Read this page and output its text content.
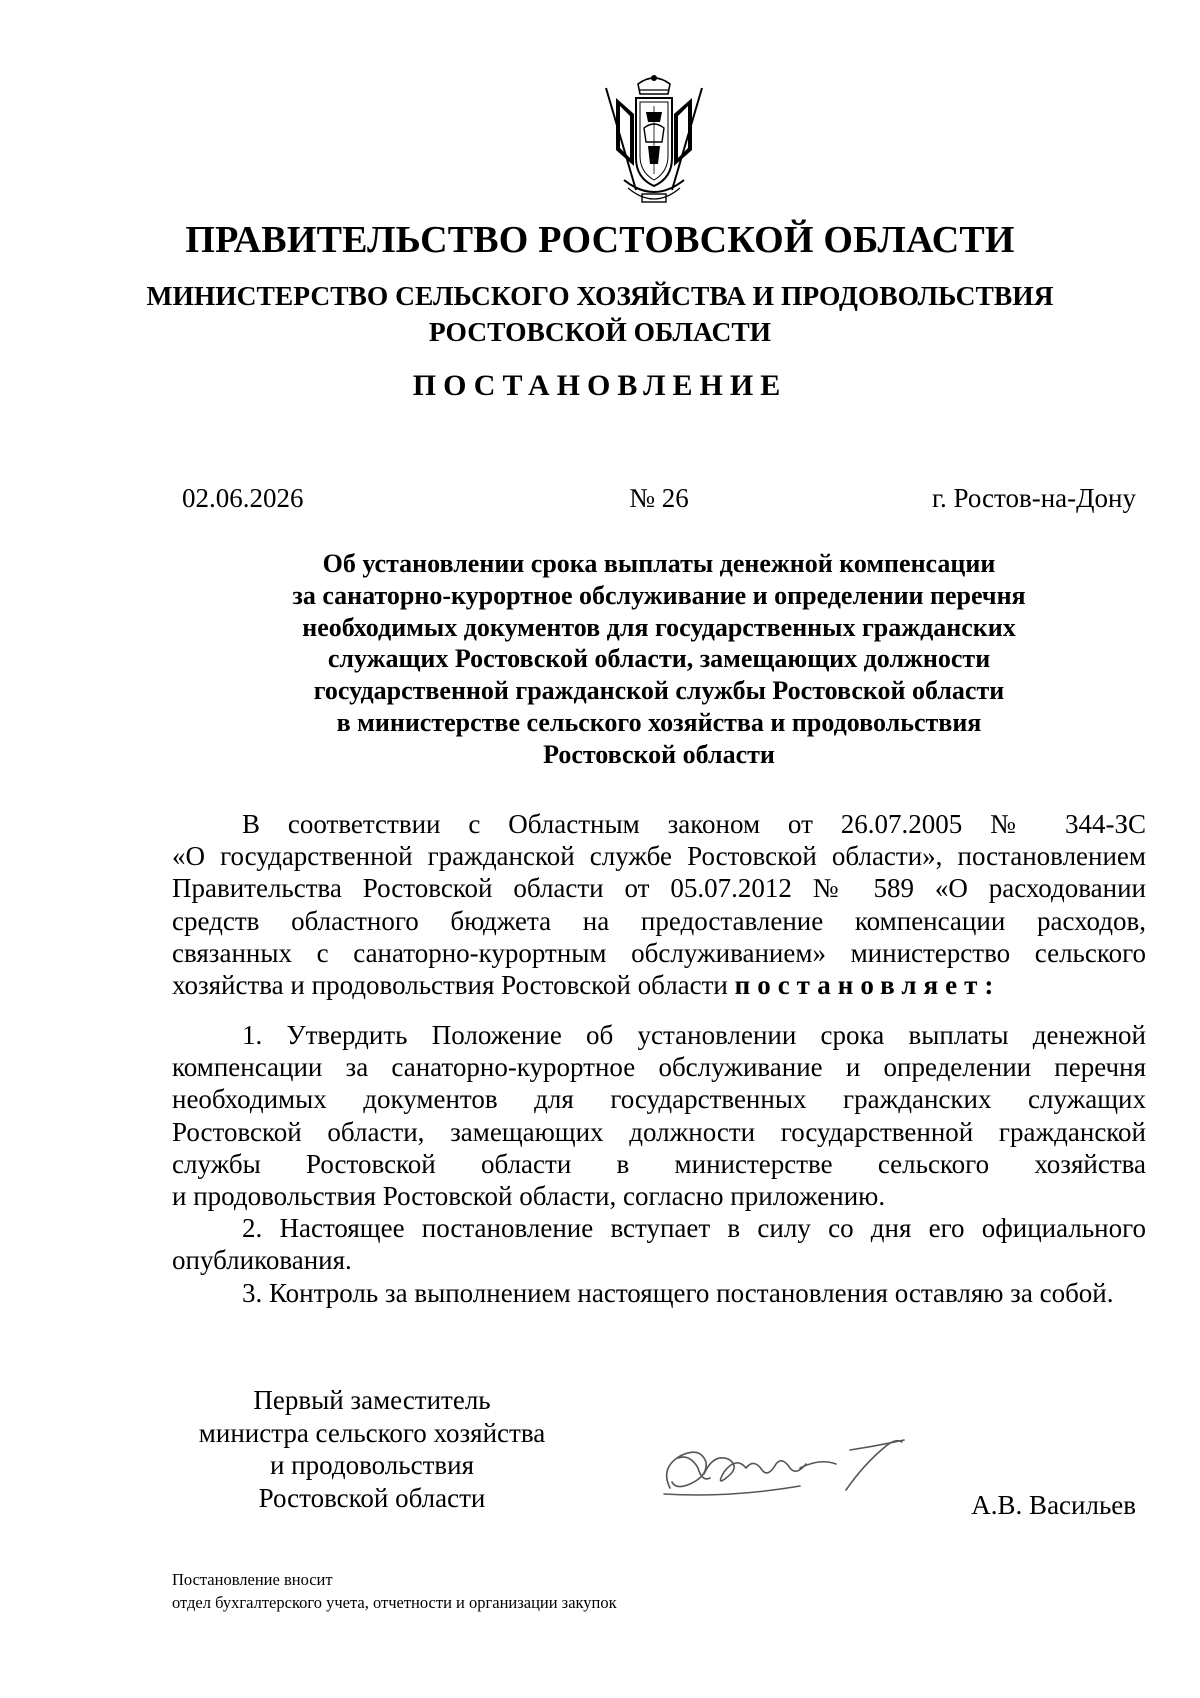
ПРАВИТЕЛЬСТВО РОСТОВСКОЙ ОБЛАСТИ
МИНИСТЕРСТВО СЕЛЬСКОГО ХОЗЯЙСТВА И ПРОДОВОЛЬСТВИЯ
РОСТОВСКОЙ ОБЛАСТИ
ПОСТАНОВЛЕНИЕ
02.06.2026	№ 26	г. Ростов-на-Дону
Об установлении срока выплаты денежной компенсации
за санаторно-курортное обслуживание и определении перечня
необходимых документов для государственных гражданских
служащих Ростовской области, замещающих должности
государственной гражданской службы Ростовской области
в министерстве сельского хозяйства и продовольствия
Ростовской области
В соответствии с Областным законом от 26.07.2005 № 344-ЗС
«О государственной гражданской службе Ростовской области», постановлением
Правительства Ростовской области от 05.07.2012 № 589 «О расходовании
средств областного бюджета на предоставление компенсации расходов,
связанных с санаторно-курортным обслуживанием» министерство сельского
хозяйства и продовольствия Ростовской области постановляет:
1. Утвердить Положение об установлении срока выплаты денежной
компенсации за санаторно-курортное обслуживание и определении перечня
необходимых документов для государственных гражданских служащих
Ростовской области, замещающих должности государственной гражданской
службы Ростовской области в министерстве сельского хозяйства
и продовольствия Ростовской области, согласно приложению.
2. Настоящее постановление вступает в силу со дня его официального
опубликования.
3. Контроль за выполнением настоящего постановления оставляю за собой.
Первый заместитель
министра сельского хозяйства
и продовольствия
Ростовской области	А.В. Васильев
Постановление вносит
отдел бухгалтерского учета, отчетности и организации закупок
